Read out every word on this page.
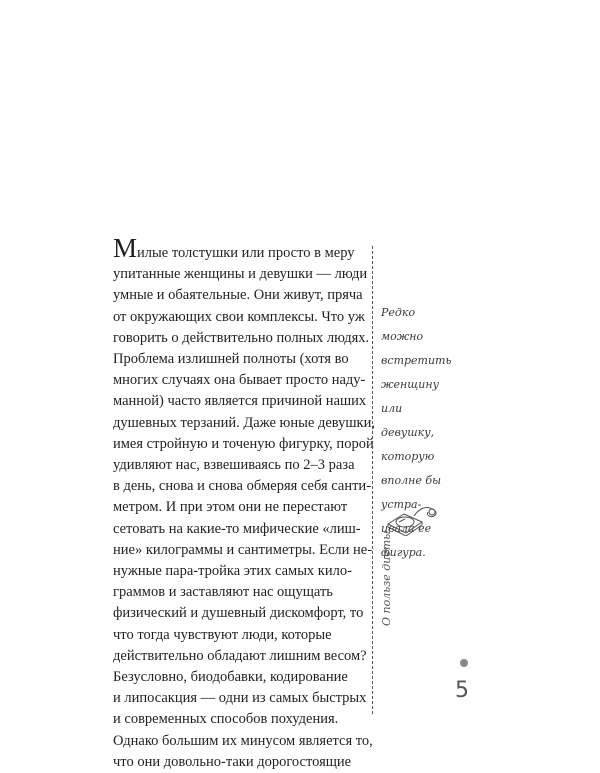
Милые толстушки или просто в меру
упитанные женщины и девушки — люди
умные и обаятельные. Они живут, пряча
от окружающих свои комплексы. Что уж
говорить о действительно полных людях.
Проблема излишней полноты (хотя во
многих случаях она бывает просто наду-
манной) часто является причиной наших
душевных терзаний. Даже юные девушки,
имея стройную и точеную фигурку, порой
удивляют нас, взвешиваясь по 2–3 раза
в день, снова и снова обмеряя себя санти-
метром. И при этом они не перестают
сетовать на какие-то мифические «лиш-
ние» килограммы и сантиметры. Если не-
нужные пара-тройка этих самых кило-
граммов и заставляют нас ощущать
физический и душевный дискомфорт, то
что тогда чувствуют люди, которые
действительно обладают лишним весом?
Безусловно, биодобавки, кодирование
и липосакция — одни из самых быстрых
и современных способов похудения.
Однако большим их минусом является то,
что они довольно-таки дорогостоящие
Редко
можно
встретить
женщину
или
девушку,
которую
вполне бы
устра-
ивала ее
фигура.
О пользе диеты
5
